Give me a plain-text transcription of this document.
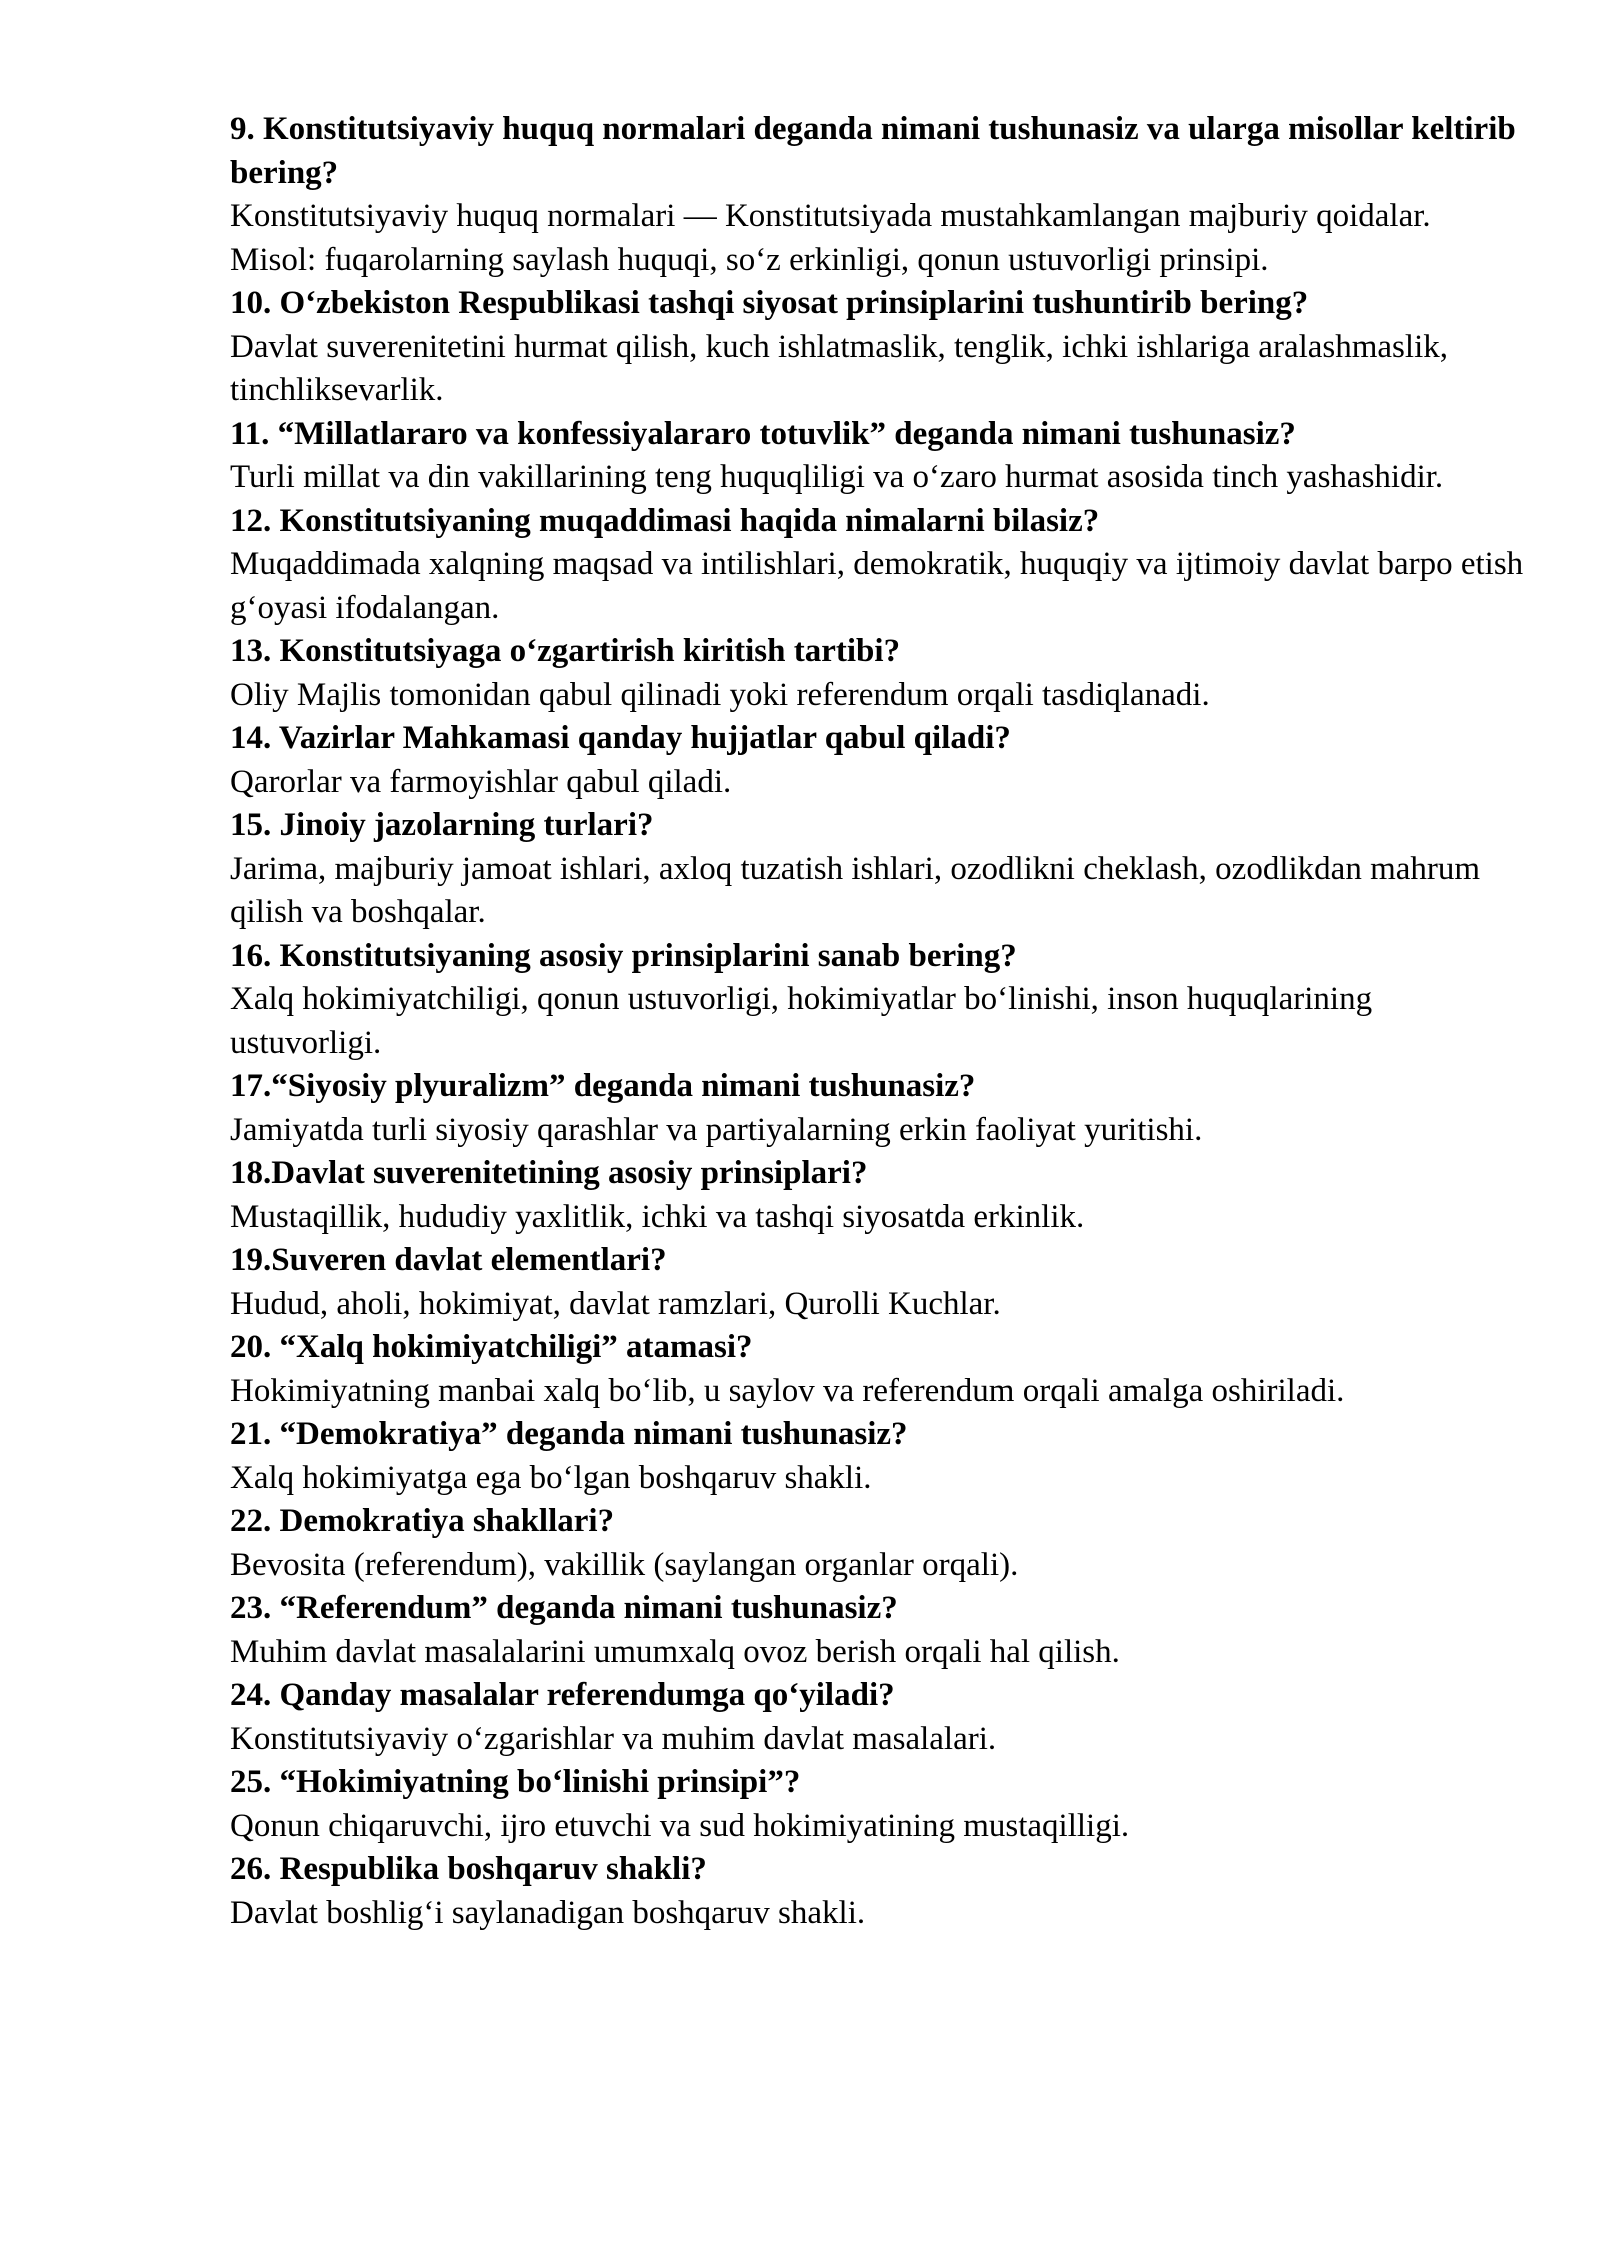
9. Konstitutsiyaviy huquq normalari deganda nimani tushunasiz va ularga misollar keltirib bering?

Konstitutsiyaviy huquq normalari — Konstitutsiyada mustahkamlangan majburiy qoidalar.
Misol: fuqarolarning saylash huquqi, so‘z erkinligi, qonun ustuvorligi prinsipi.

10. O‘zbekiston Respublikasi tashqi siyosat prinsiplarini tushuntirib bering?

Davlat suverenitetini hurmat qilish, kuch ishlatmaslik, tenglik, ichki ishlariga aralashmaslik, tinchliksevarlik.

11. “Millatlararo va konfessiyalararo totuvlik” deganda nimani tushunasiz?

Turli millat va din vakillarining teng huquqliligi va o‘zaro hurmat asosida tinch yashashidir.

12. Konstitutsiyaning muqaddimasi haqida nimalarni bilasiz?

Muqaddimada xalqning maqsad va intilishlari, demokratik, huquqiy va ijtimoiy davlat barpo etish g‘oyasi ifodalangan.

13. Konstitutsiyaga o‘zgartirish kiritish tartibi?

Oliy Majlis tomonidan qabul qilinadi yoki referendum orqali tasdiqlanadi.

14. Vazirlar Mahkamasi qanday hujjatlar qabul qiladi?

Qarorlar va farmoyishlar qabul qiladi.

15. Jinoiy jazolarning turlari?

Jarima, majburiy jamoat ishlari, axloq tuzatish ishlari, ozodlikni cheklash, ozodlikdan mahrum qilish va boshqalar.

16. Konstitutsiyaning asosiy prinsiplarini sanab bering?

Xalq hokimiyatchiligi, qonun ustuvorligi, hokimiyatlar bo‘linishi, inson huquqlarining ustuvorligi.

17.“Siyosiy plyuralizm” deganda nimani tushunasiz?

Jamiyatda turli siyosiy qarashlar va partiyalarning erkin faoliyat yuritishi.

18.Davlat suverenitetining asosiy prinsiplari?

Mustaqillik, hududiy yaxlitlik, ichki va tashqi siyosatda erkinlik.

19.Suveren davlat elementlari?

Hudud, aholi, hokimiyat, davlat ramzlari, Qurolli Kuchlar.

20. “Xalq hokimiyatchiligi” atamasi?

Hokimiyatning manbai xalq bo‘lib, u saylov va referendum orqali amalga oshiriladi.

21. “Demokratiya” deganda nimani tushunasiz?

Xalq hokimiyatga ega bo‘lgan boshqaruv shakli.

22. Demokratiya shakllari?

Bevosita (referendum), vakillik (saylangan organlar orqali).

23. “Referendum” deganda nimani tushunasiz?

Muhim davlat masalalarini umumxalq ovoz berish orqali hal qilish.

24. Qanday masalalar referendumga qo‘yiladi?

Konstitutsiyaviy o‘zgarishlar va muhim davlat masalalari.

25. “Hokimiyatning bo‘linishi prinsipi”?

Qonun chiqaruvchi, ijro etuvchi va sud hokimiyatining mustaqilligi.

26. Respublika boshqaruv shakli?

Davlat boshlig‘i saylanadigan boshqaruv shakli.
